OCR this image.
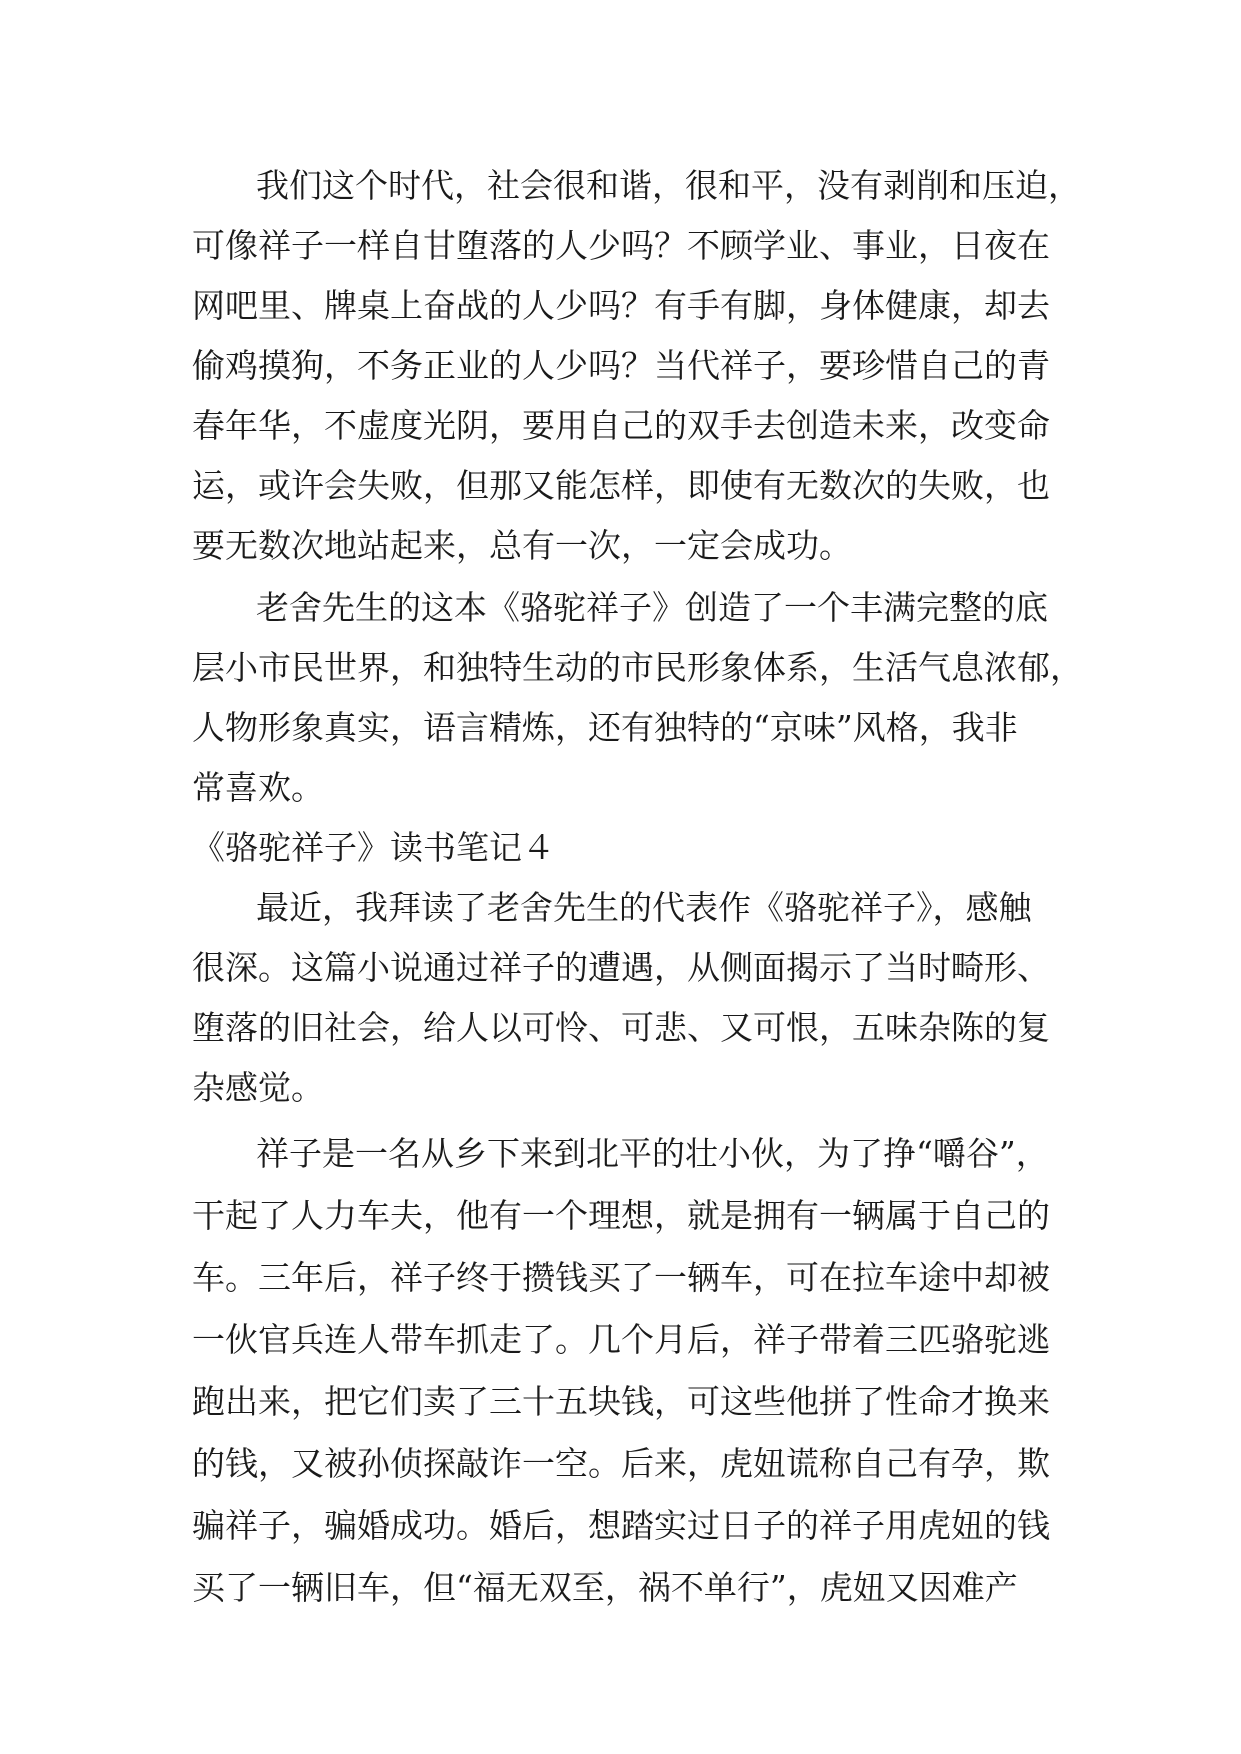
我们这个时代，社会很和谐，很和平，没有剥削和压迫，
可像祥子一样自甘堕落的人少吗？不顾学业、事业，日夜在
网吧里、牌桌上奋战的人少吗？有手有脚，身体健康，却去
偷鸡摸狗，不务正业的人少吗？当代祥子，要珍惜自己的青
春年华，不虚度光阴，要用自己的双手去创造未来，改变命
运，或许会失败，但那又能怎样，即使有无数次的失败，也
要无数次地站起来，总有一次，一定会成功。
老舍先生的这本《骆驼祥子》创造了一个丰满完整的底
层小市民世界，和独特生动的市民形象体系，生活气息浓郁，
人物形象真实，语言精炼，还有独特的“京味”风格，我非
常喜欢。
《骆驼祥子》读书笔记４
最近，我拜读了老舍先生的代表作《骆驼祥子》，感触
很深。这篇小说通过祥子的遭遇，从侧面揭示了当时畸形、
堕落的旧社会，给人以可怜、可悲、又可恨，五味杂陈的复
杂感觉。
祥子是一名从乡下来到北平的壮小伙，为了挣“嚼谷”，
干起了人力车夫，他有一个理想，就是拥有一辆属于自己的
车。三年后，祥子终于攒钱买了一辆车，可在拉车途中却被
一伙官兵连人带车抓走了。几个月后，祥子带着三匹骆驼逃
跑出来，把它们卖了三十五块钱，可这些他拼了性命才换来
的钱，又被孙侦探敲诈一空。后来，虎妞谎称自己有孕，欺
骗祥子，骗婚成功。婚后，想踏实过日子的祥子用虎妞的钱
买了一辆旧车，但“福无双至，祸不单行”，虎妞又因难产
